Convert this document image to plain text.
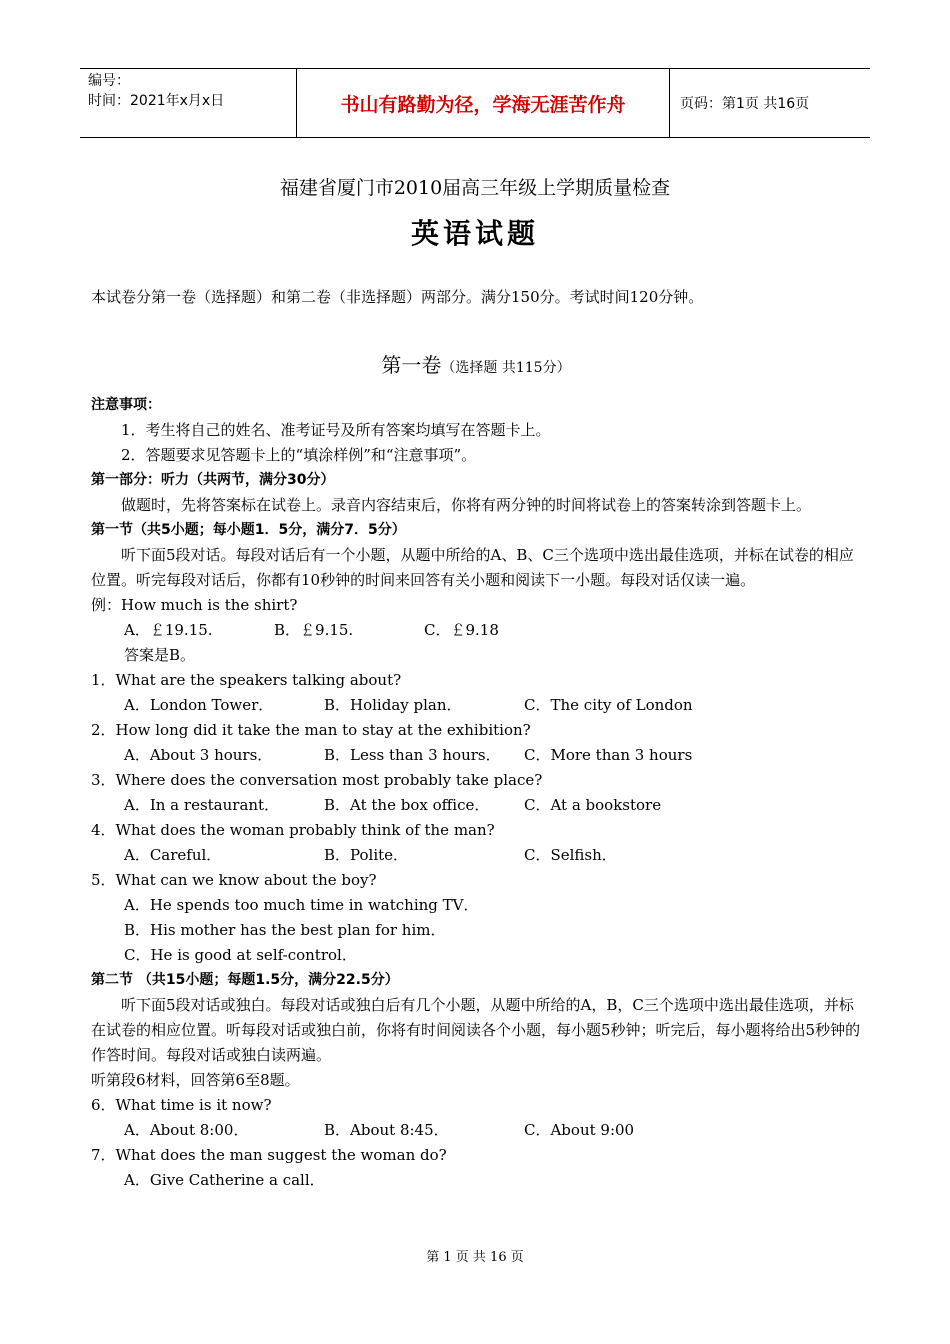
编号：
时间：2021年x月x日	书山有路勤为径，学海无涯苦作舟	页码：第1页 共16页
福建省厦门市2010届高三年级上学期质量检查
英语试题

本试卷分第一卷（选择题）和第二卷（非选择题）两部分。满分150分。考试时间120分钟。

第一卷（选择题 共115分）

注意事项：

1．考生将自己的姓名、准考证号及所有答案均填写在答题卡上。

2．答题要求见答题卡上的“填涂样例”和“注意事项”。

第一部分：听力（共两节，满分30分）

做题时，先将答案标在试卷上。录音内容结束后，你将有两分钟的时间将试卷上的答案转涂到答题卡上。

第一节（共5小题；每小题1．5分，满分7．5分）

听下面5段对话。每段对话后有一个小题，从题中所给的A、B、C三个选项中选出最佳选项，并标在试卷的相应位置。听完每段对话后，你都有10秒钟的时间来回答有关小题和阅读下一小题。每段对话仅读一遍。

例：How much is the shirt?

A．￡19.15.	B．￡9.15.	C．￡9.18

答案是B。

1．What are the speakers talking about?

A．London Tower．	B．Holiday plan．	C．The city of London

2．How long did it take the man to stay at the exhibition?

A．About 3 hours．	B．Less than 3 hours．	C．More than 3 hours

3．Where does the conversation most probably take place?

A．In a restaurant．	B．At the box office．	C．At a bookstore

4．What does the woman probably think of the man?

A．Careful．	B．Polite．	C．Selfish．

5．What can we know about the boy?

A．He spends too much time in watching TV．

B．His mother has the best plan for him．

C．He is good at self-control．

第二节 （共15小题；每题1.5分，满分22.5分）

听下面5段对话或独白。每段对话或独白后有几个小题，从题中所给的A，B，C三个选项中选出最佳选项，并标在试卷的相应位置。听每段对话或独白前，你将有时间阅读各个小题，每小题5秒钟；听完后，每小题将给出5秒钟的作答时间。每段对话或独白读两遍。

听第段6材料，回答第6至8题。

6．What time is it now?

A．About 8:00．	B．About 8:45．	C．About 9:00

7．What does the man suggest the woman do?

A．Give Catherine a call．

第 1 页 共 16 页
